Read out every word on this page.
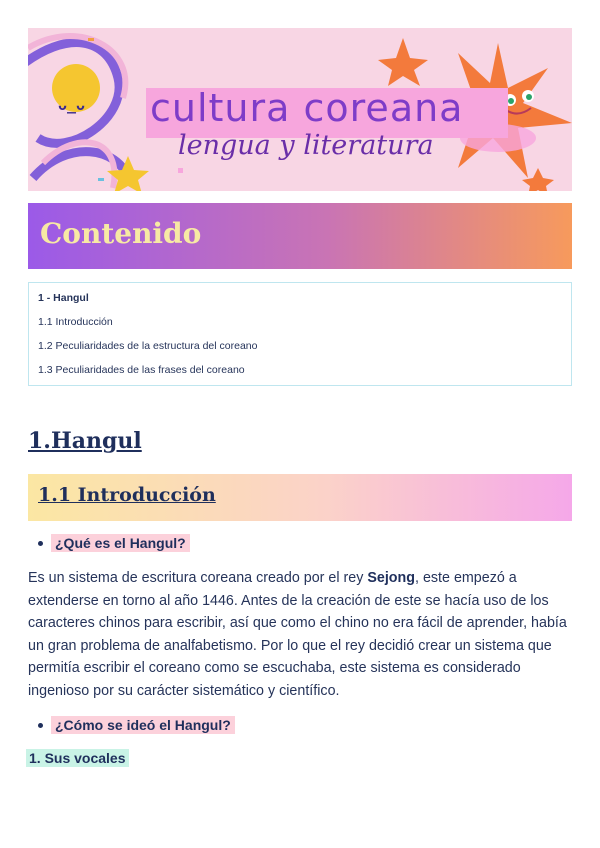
ᴗ_ᴗ cultura coreana
lengua y literatura
Contenido
1 - Hangul
1.1 Introducción
1.2 Peculiaridades de la estructura del coreano
1.3 Peculiaridades de las frases del coreano
1.Hangul
1.1 Introducción
¿Qué es el Hangul?
Es un sistema de escritura coreana creado por el rey Sejong, este empezó a extenderse en torno al año 1446. Antes de la creación de este se hacía uso de los caracteres chinos para escribir, así que como el chino no era fácil de aprender, había un gran problema de analfabetismo. Por lo que el rey decidió crear un sistema que permitía escribir el coreano como se escuchaba, este sistema es considerado ingenioso por su carácter sistemático y científico.
¿Cómo se ideó el Hangul?
1. Sus vocales
